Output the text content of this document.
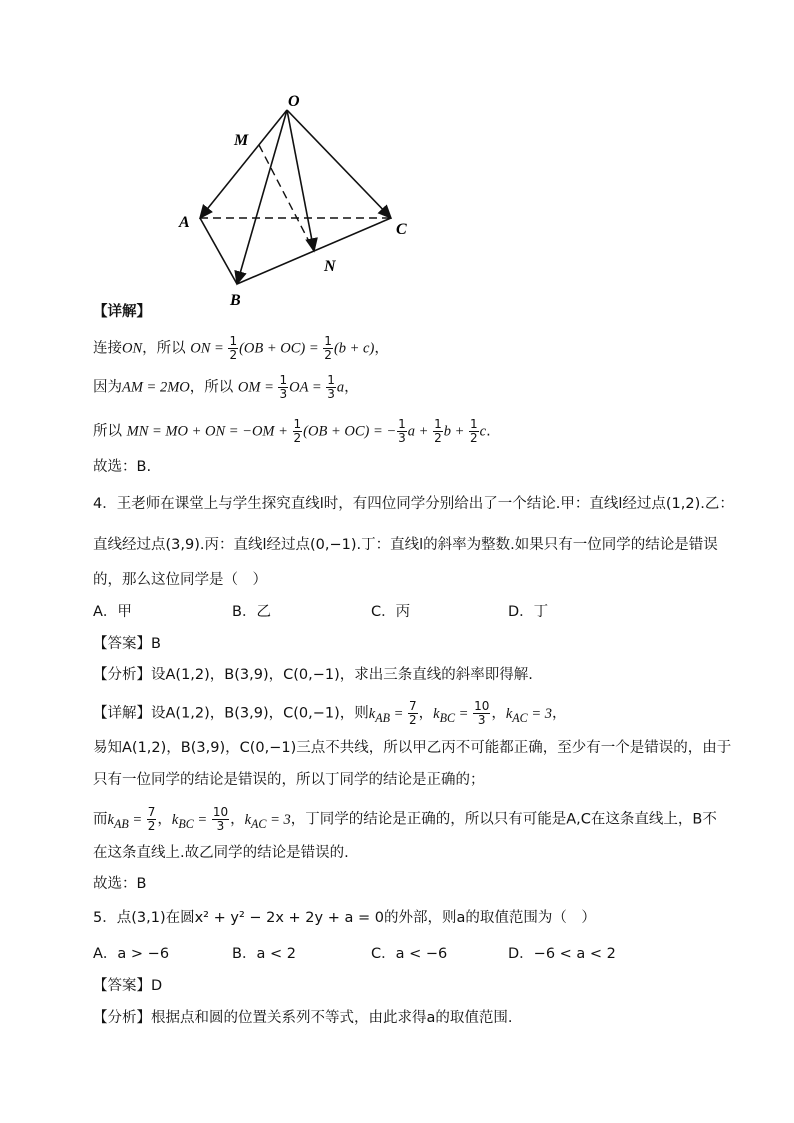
O
M
A
B
C
N
【详解】
连接ON，所以 ON = $\frac{1}{2} (OB + OC) = \frac{1}{2} (b + c)$，
因为AM = 2MO，所以 OM = $\frac{1}{3}$ OA = $\frac{1}{3}$ a，
所以 MN = MO + ON = $-OM + \frac{1}{2} (OB + OC)$ = − $\frac{1}{3}$ $a + \frac{1}{2}$ $b + \frac{1}{2} c$.
故选：B.
4．王老师在课堂上与学生探究直线l时，有四位同学分别给出了一个结论.甲：直线l经过点(1,2).乙：
直线经过点(3,9).丙：直线l经过点(0,−1).丁：直线l的斜率为整数.如果只有一位同学的结论是错误
的，那么这位同学是（　）
A．甲	B．乙	C．丙	D．丁
【答案】B
【分析】设A(1,2)，B(3,9)，C(0,−1)，求出三条直线的斜率即得解.
【详解】设A(1,2)，B(3,9)，C(0,−1)，则$k_{AB} = \frac{7}{2}$ ，$k_{BC} = \frac{10}{3}$ ，$k_{AC} = 3$，
易知A(1,2)，B(3,9)，C(0,−1)三点不共线，所以甲乙丙不可能都正确，至少有一个是错误的，由于
只有一位同学的结论是错误的，所以丁同学的结论是正确的；
而$k_{AB} = \frac{7}{2}$ ，$k_{BC} = \frac{10}{3}$ ，$k_{AC} = 3$，丁同学的结论是正确的，所以只有可能是A,C在这条直线上，B不
在这条直线上.故乙同学的结论是错误的.
故选：B
5．点(3,1)在圆x² + y² − 2x + 2y + a = 0的外部，则a的取值范围为（　）
A．a > −6	B．a < 2	C．a < −6	D．−6 < a < 2
【答案】D
【分析】根据点和圆的位置关系列不等式，由此求得a的取值范围.
